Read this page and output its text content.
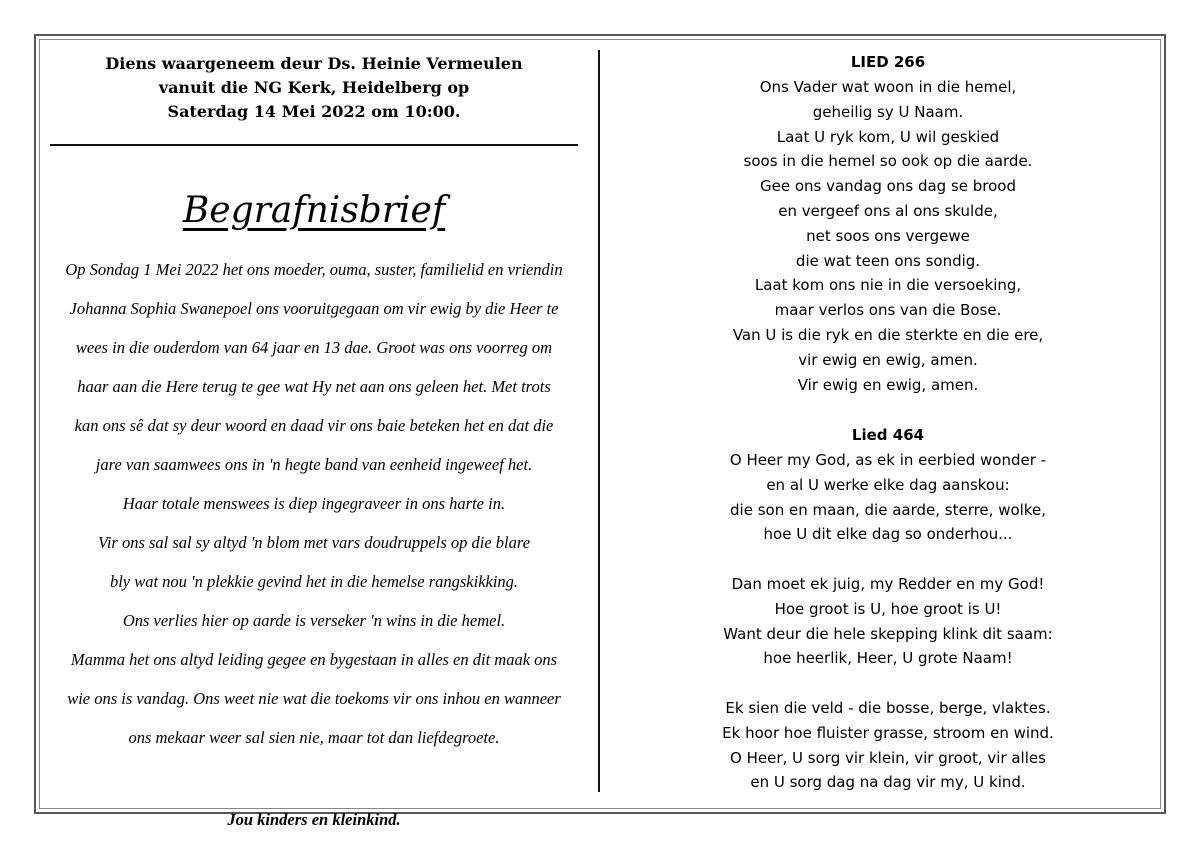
Diens waargeneem deur Ds. Heinie Vermeulen

vanuit die NG Kerk, Heidelberg op

Saterdag 14 Mei 2022 om 10:00.

Begrafnisbrief
Op Sondag 1 Mei 2022 het ons moeder, ouma, suster, familielid en vriendin
Johanna Sophia Swanepoel ons vooruitgegaan om vir ewig by die Heer te
wees in die ouderdom van 64 jaar en 13 dae. Groot was ons voorreg om
haar aan die Here terug te gee wat Hy net aan ons geleen het. Met trots
kan ons sê dat sy deur woord en daad vir ons baie beteken het en dat die
jare van saamwees ons in 'n hegte band van eenheid ingeweef het.
Haar totale menswees is diep ingegraveer in ons harte in.
Vir ons sal sal sy altyd 'n blom met vars doudruppels op die blare
bly wat nou 'n plekkie gevind het in die hemelse rangskikking.
Ons verlies hier op aarde is verseker 'n wins in die hemel.
Mamma het ons altyd leiding gegee en bygestaan in alles en dit maak ons
wie ons is vandag. Ons weet nie wat die toekoms vir ons inhou en wanneer
ons mekaar weer sal sien nie, maar tot dan liefdegroete.
Jou kinders en kleinkind.
LIED 266
Ons Vader wat woon in die hemel,
geheilig sy U Naam.
Laat U ryk kom, U wil geskied
soos in die hemel so ook op die aarde.
Gee ons vandag ons dag se brood
en vergeef ons al ons skulde,
net soos ons vergewe
die wat teen ons sondig.
Laat kom ons nie in die versoeking,
maar verlos ons van die Bose.
Van U is die ryk en die sterkte en die ere,
vir ewig en ewig, amen.
Vir ewig en ewig, amen.
Lied 464
O Heer my God, as ek in eerbied wonder -
en al U werke elke dag aanskou:
die son en maan, die aarde, sterre, wolke,
hoe U dit elke dag so onderhou...
Dan moet ek juig, my Redder en my God!
Hoe groot is U, hoe groot is U!
Want deur die hele skepping klink dit saam:
hoe heerlik, Heer, U grote Naam!
Ek sien die veld - die bosse, berge, vlaktes.
Ek hoor hoe fluister grasse, stroom en wind.
O Heer, U sorg vir klein, vir groot, vir alles
en U sorg dag na dag vir my, U kind.
